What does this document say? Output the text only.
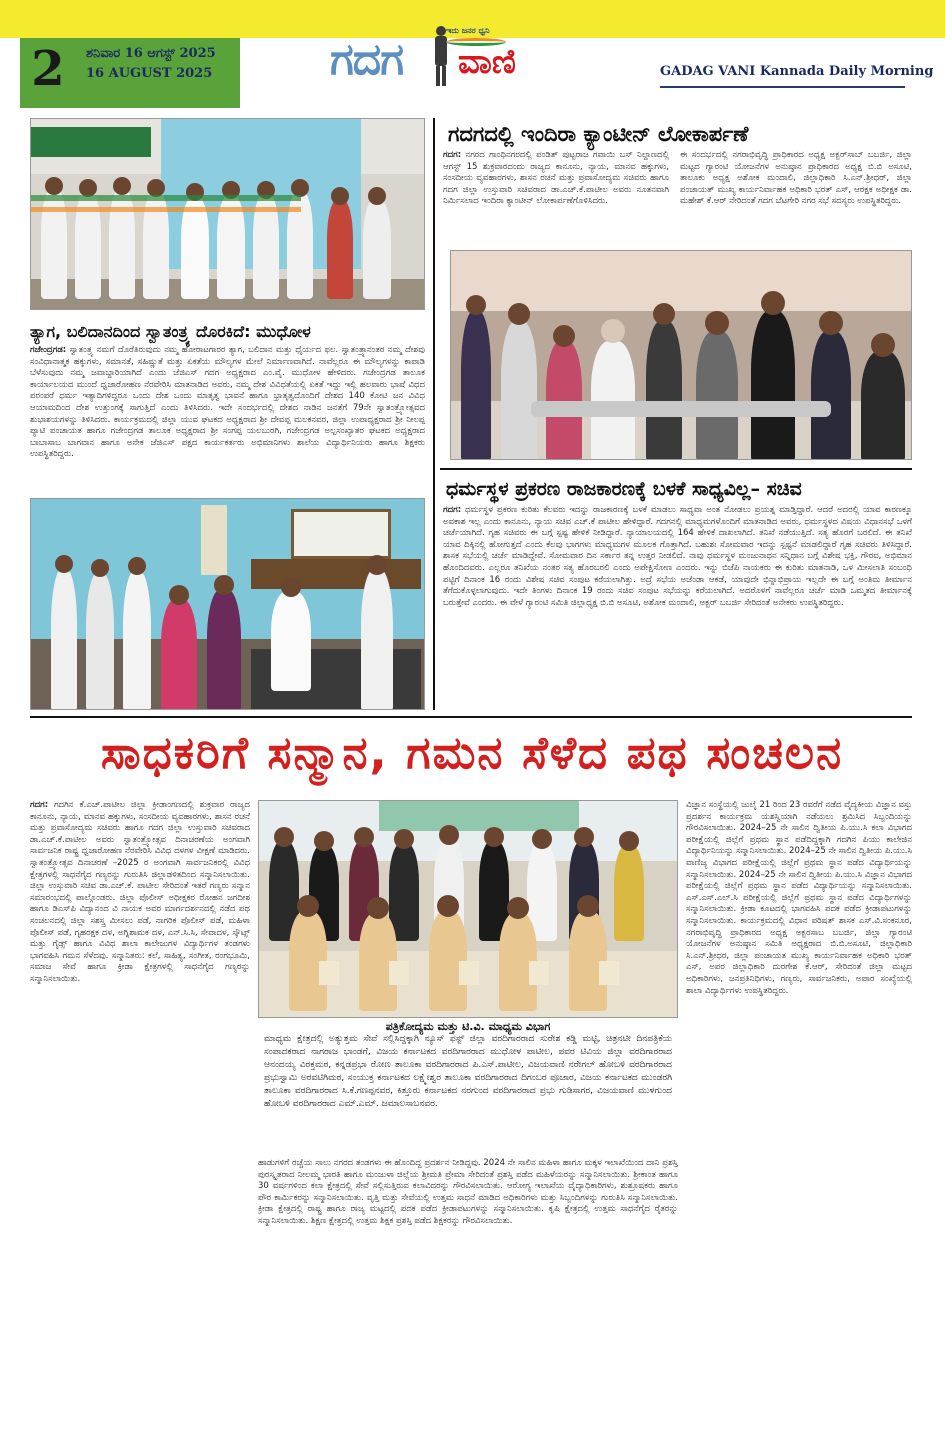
2	ಶನಿವಾರ 16 ಆಗಸ್ಟ್ 2025
16 AUGUST 2025	ಗದಗ
ಇದು ಜನರ ಧ್ವನಿ
ವಾಣಿ	GADAG VANI Kannada Daily Morning
ತ್ಯಾಗ, ಬಲಿದಾನದಿಂದ ಸ್ವಾತಂತ್ರ್ಯ ದೊರಕಿದೆ: ಮುಧೋಳ
ಗಜೇಂದ್ರಗಡ: ಸ್ವಾತಂತ್ರ್ಯ ನಮಗೆ ದೊರೆತಿರುವುದು ನಮ್ಮ ಹೋರಾಟಗಾರರ ತ್ಯಾಗ, ಬಲಿದಾನ ಮತ್ತು ಧೈರ್ಯದ ಫಲ. ಸ್ವಾತಂತ್ರ್ಯಾನಂತರ ನಮ್ಮ ದೇಶವು ಸಂವಿಧಾನಾತ್ಮಕ ಹಕ್ಕುಗಳು, ಸಮಾನತೆ, ಸಹಿಷ್ಣುತೆ ಮತ್ತು ಏಕತೆಯ ಮೌಲ್ಯಗಳ ಮೇಲೆ ನಿರ್ಮಾಣವಾಗಿದೆ. ನಾವೆಲ್ಲರೂ ಈ ಮೌಲ್ಯಗಳನ್ನು ಕಾಪಾಡಿ ಬೆಳೆಸುವುದು ನಮ್ಮ ಜವಾಬ್ದಾರಿಯಾಗಿದೆ ಎಂದು ಜೆಜಿಎಸ್ ಗದಗ ಅಧ್ಯಕ್ಷರಾದ ಎಂ.ವೈ. ಮುಧೋಳ ಹೇಳಿದರು. ಗಜೇಂದ್ರಗಡ ತಾಲೂಕ ಕಾರ್ಯಾಲಯದ ಮುಂದೆ ಧ್ವಜಾರೋಹಣ ನೆರವೇರಿಸಿ ಮಾತನಾಡಿದ ಅವರು, ನಮ್ಮ ದೇಶ ವಿವಿಧತೆಯಲ್ಲಿ ಏಕತೆ ಇದ್ದು ಇಲ್ಲಿ ಹಲವಾರು ಭಾಷೆ ವಿಧದ ಪರಂಪರೆ ಧರ್ಮ ಇತ್ಯಾದಿಗಳಿದ್ದರೂ ಒಂದು ದೇಶ ಒಂದು ಮಾತೃತ್ವ ಭಾವನೆ ಹಾಗೂ ಭ್ರಾತೃತ್ವದೊಂದಿಗೆ ದೇಶದ 140 ಕೋಟಿ ಜನ ವಿವಿಧ ಆಯಾಮದಿಂದ ದೇಶ ಉತ್ತುಂಗಕ್ಕೆ ಸಾಗುತ್ತಿದೆ ಎಂದು ತಿಳಿಸಿದರು. ಇದೇ ಸಂದರ್ಭದಲ್ಲಿ ದೇಶದ ನಾಡಿನ ಜನತೆಗೆ 79ನೇ ಸ್ವಾತಂತ್ರ್ಯೋತ್ಸವದ ಶುಭಾಶಯಗಳನ್ನು ತಿಳಿಸಿದರು. ಕಾರ್ಯಕ್ರಮದಲ್ಲಿ ಜಿಲ್ಲಾ ಯುವ ಘಟಕದ ಅಧ್ಯಕ್ಷರಾದ ಶ್ರೀ ದೇವಪ್ಪ ಮಲಕನವರ, ಜಿಲ್ಲಾ ಉಪಾಧ್ಯಕ್ಷರಾದ ಶ್ರೀ ನೀಲಪ್ಪ ಪ್ಯಾಟಿ ಪಂಚಾಯತ ಹಾಗೂ ಗಜೇಂದ್ರಗಡ ತಾಲೂಕ ಅಧ್ಯಕ್ಷರಾದ ಶ್ರೀ ಸಂಗಪ್ಪ ಯಲಬುರಗಿ, ಗಜೇಂದ್ರಗಡ ಅಲ್ಪಸಂಖ್ಯಾತರ ಘಟಕದ ಅಧ್ಯಕ್ಷರಾದ ಬಾಬಾಸಾಬ ಬಾಗವಾನ ಹಾಗೂ ಅನೇಕ ಜೆಜಿಎಸ್ ಪಕ್ಷದ ಕಾರ್ಯಕರ್ತರು ಅಭಿಮಾನಿಗಳು ಶಾಲೆಯ ವಿದ್ಯಾರ್ಥಿನಿಯರು ಹಾಗೂ ಶಿಕ್ಷಕರು ಉಪಸ್ಥಿತರಿದ್ದರು.
ಗದಗದಲ್ಲಿ ಇಂದಿರಾ ಕ್ಯಾಂಟೀನ್ ಲೋಕಾರ್ಪಣೆ
ಗದಗ: ನಗರದ ಗಾಂಧಿನಗರದಲ್ಲಿ ಪಂಡಿತ್ ಪುಟ್ಟರಾಜ ಗವಾಯಿ ಬಸ್ ನಿಲ್ದಾಣದಲ್ಲಿ ಆಗಸ್ಟ್ 15 ಶುಕ್ರವಾರದಂದು ರಾಜ್ಯದ ಕಾನೂನು, ನ್ಯಾಯ, ಮಾನವ ಹಕ್ಕುಗಳು, ಸಂಸದೀಯ ವ್ಯವಹಾರಗಳು, ಶಾಸನ ರಚನೆ ಮತ್ತು ಪ್ರವಾಸೋದ್ಯಮ ಸಚಿವರು ಹಾಗೂ ಗದಗ ಜಿಲ್ಲಾ ಉಸ್ತುವಾರಿ ಸಚಿವರಾದ ಡಾ.ಎಚ್.ಕೆ.ಪಾಟೀಲ ಅವರು ನೂತನವಾಗಿ ನಿರ್ಮಿಸಲಾದ ಇಂದಿರಾ ಕ್ಯಾಂಟೀನ್ ಲೋಕಾರ್ಪಣೆಗೊಳಿಸಿದರು.
ಈ ಸಂದರ್ಭದಲ್ಲಿ ನಗರಾಭಿವೃದ್ಧಿ ಪ್ರಾಧಿಕಾರದ ಅಧ್ಯಕ್ಷ ಅಕ್ಬರ್‌ಸಾಬ್ ಬಬರ್ಜಿ, ಜಿಲ್ಲಾ ಮಟ್ಟದ ಗ್ಯಾರಂಟಿ ಯೋಜನೆಗಳ ಅನುಷ್ಠಾನ ಪ್ರಾಧಿಕಾರದ ಅಧ್ಯಕ್ಷ ಬಿ.ಬಿ ಅಸೂಟಿ, ತಾಲೂಕು ಅಧ್ಯಕ್ಷ ಅಶೋಕ ಮಂದಾಲಿ, ಜಿಲ್ಲಾಧಿಕಾರಿ ಸಿ.ಎನ್.ಶ್ರೀಧರ್, ಜಿಲ್ಲಾ ಪಂಚಾಯತ್ ಮುಖ್ಯ ಕಾರ್ಯನಿರ್ವಾಹಕ ಅಧಿಕಾರಿ ಭರತ್ ಎಸ್, ಆರಕ್ಷಕ ಅಧೀಕ್ಷಕ ಡಾ. ಮಹೇಶ್ ಕೆ.ಆರ್ ನೇರಿದಂತೆ ಗದಗ ಬೆಟಗೇರಿ ನಗರ ಸಭೆ ಸದಸ್ಯರು ಉಪಸ್ಥಿತರಿದ್ದರು.
ಧರ್ಮಸ್ಥಳ ಪ್ರಕರಣ ರಾಜಕಾರಣಕ್ಕೆ ಬಳಕೆ ಸಾಧ್ಯವಿಲ್ಲ– ಸಚಿವ
ಗದಗ: ಧರ್ಮಸ್ಥಳ ಪ್ರಕರಣ ಕುರಿತು ಕೆಲವರು ಇದನ್ನು ರಾಜಕಾರಣಕ್ಕೆ ಬಳಕೆ ಮಾಡಲು ಸಾಧ್ಯವಾ ಅಂತ ನೋಡಲು ಪ್ರಯತ್ನ ಮಾಡ್ತಿದ್ದಾರೆ. ಆದರೆ ಅದರಲ್ಲಿ ಯಾವ ಕಾರಣಕ್ಕೂ ಅವಕಾಶ ಇಲ್ಲ ಎಂದು ಕಾನೂನು, ನ್ಯಾಯ ಸಚಿವ ಎಚ್.ಕೆ ಪಾಟೀಲ ಹೇಳಿದ್ದಾರೆ. ಗದಗನಲ್ಲಿ ಮಾಧ್ಯಮಗಳೊಂದಿಗೆ ಮಾತನಾಡಿದ ಅವರು, ಧರ್ಮಸ್ಥಳದ ವಿಷಯ ವಿಧಾನಸಭೆ ಒಳಗೆ ಚರ್ಚೆಯಾಗಿದೆ. ಗೃಹ ಸಚಿವರು ಈ ಬಗ್ಗೆ ಸ್ಪಷ್ಟ ಹೇಳಿಕೆ ನೀಡಿದ್ದಾರೆ. ನ್ಯಾಯಾಲಯದಲ್ಲಿ 164 ಹೇಳಿಕೆ ದಾಖಲಾಗಿದೆ. ತನಿಖೆ ನಡೆಯುತ್ತಿದೆ. ಸತ್ಯ ಹೊರಗೆ ಬರಲಿದೆ. ಈ ತನಿಖೆ ಯಾವ ದಿಕ್ಕಿನಲ್ಲಿ ಹೋಗುತ್ತದೆ ಎಂದು ಕೆಲವು ಭಾಗಗಳು ಮಾಧ್ಯಮಗಳ ಮೂಲಕ ಗೊತ್ತಾಗಿದೆ. ಬಹುಶಃ ಸೋಮವಾರ ಇದನ್ನು ಸ್ಪಷ್ಟನೆ ಮಾಡಲಿದ್ದಾರೆ ಗೃಹ ಸಚಿವರು ತಿಳಿಸಿದ್ದಾರೆ. ಶಾಸಕ ಸಭೆಯಲ್ಲಿ ಚರ್ಚೆ ಮಾಡಿದ್ದೇವೆ. ಸೋಮವಾರ ದಿನ ಸರ್ಕಾರ ತನ್ನ ಉತ್ತರ ನೀಡಲಿದೆ. ನಾವು ಧರ್ಮಸ್ಥಳ ಮಂಜುನಾಥನ ಸನ್ನಿಧಾನ ಬಗ್ಗೆ ವಿಶೇಷ ಭಕ್ತಿ, ಗೌರವ, ಅಭಿಮಾನ ಹೊಂದಿದವರು. ಎಲ್ಲರೂ ತನಿಖೆಯ ನಂತರ ಸತ್ಯ ಹೊರಬರಲಿ ಎಂದು ಅಪೇಕ್ಷಿಸೋಣ ಎಂದರು. ಇನ್ನು ಬಿಜೆಪಿ ನಾಯಕರು ಈ ಕುರಿತು ಮಾತನಾಡಿ, ಒಳ ಮೀಸಲಾತಿ ಸಂಬಂಧಿ ಪಟ್ಟಿಗೆ ದಿನಾಂಕ 16 ರಂದು ವಿಶೇಷ ಸಚಿವ ಸಂಪುಟ ಕರೆಯಲಾಗಿತ್ತು. ಅದ್ರೆ ಸಭೆಯ ಅಜೆಂಡಾ ಆಕಡೆ, ಯಾವುದೇ ಭಿನ್ನಾಭಿಪ್ರಾಯ ಇಲ್ಲದೇ ಈ ಬಗ್ಗೆ ಅಂತಿಮ ತೀರ್ಮಾನ ತೆಗೆದುಕೊಳ್ಳಲಾಗುವುದು. ಇದೇ ತಿಂಗಳು ದಿನಾಂಕ 19 ರಂದು ಸಚಿವ ಸಂಪುಟ ಸಭೆಯನ್ನು ಕರೆಯಲಾಗಿದೆ. ಅದರೊಳಗೆ ನಾವೆಲ್ಲರೂ ಚರ್ಚೆ ಮಾಡಿ ಒಮ್ಮತದ ತೀರ್ಮಾನಕ್ಕೆ ಬರುತ್ತೇವೆ ಎಂದರು. ಈ ವೇಳೆ ಗ್ಯಾರಂಟಿ ಸಮಿತಿ ಜಿಲ್ಲಾಧ್ಯಕ್ಷ ಬಿ.ಬಿ ಅಸೂಟಿ, ಅಶೋಕ ಮಂದಾಲಿ, ಅಕ್ಬರ್ ಬಬರ್ಜಿ ಸೇರಿದಂತೆ ಅನೇಕರು ಉಪಸ್ಥಿತರಿದ್ದರು.
ಸಾಧಕರಿಗೆ ಸನ್ಮಾನ, ಗಮನ ಸೆಳೆದ ಪಥ ಸಂಚಲನ
ಗದಗ: ಗದಗಿನ ಕೆ.ಎಚ್.ಪಾಟೀಲ ಜಿಲ್ಲಾ ಕ್ರೀಡಾಂಗಣದಲ್ಲಿ ಶುಕ್ರವಾರ ರಾಜ್ಯದ ಕಾನೂನು, ನ್ಯಾಯ, ಮಾನವ ಹಕ್ಕುಗಳು, ಸಂಸದೀಯ ವ್ಯವಹಾರಗಳು, ಶಾಸನ ರಚನೆ ಮತ್ತು ಪ್ರವಾಸೋದ್ಯಮ ಸಚಿವರು ಹಾಗೂ ಗದಗ ಜಿಲ್ಲಾ ಉಸ್ತುವಾರಿ ಸಚಿವರಾದ ಡಾ.ಎಚ್.ಕೆ.ಪಾಟೀಲ ಅವರು ಸ್ವಾತಂತ್ರ್ಯೋತ್ಸವ ದಿನಾಚರಣೆಯ ಅಂಗವಾಗಿ ಸಾರ್ವಜನಿಕ ರಾಷ್ಟ್ರ ಧ್ವಜಾರೋಹಣ ನೆರವೇರಿಸಿ ವಿವಿಧ ದಳಗಳ ವೀಕ್ಷಣೆ ಮಾಡಿದರು. ಸ್ವಾತಂತ್ರ್ಯೋತ್ಸವ ದಿನಾಚರಣೆ –2025 ರ ಅಂಗವಾಗಿ ಸಾರ್ವಜನಿಕರಲ್ಲಿ ವಿವಿಧ ಕ್ಷೇತ್ರಗಳಲ್ಲಿ ಸಾಧನೆಗೈದ ಗಣ್ಯರನ್ನು ಗುರುತಿಸಿ ಜಿಲ್ಲಾಡಳಿತದಿಂದ ಸನ್ಮಾನಿಸಲಾಯಿತು. ಜಿಲ್ಲಾ ಉಸ್ತುವಾರಿ ಸಚಿವ ಡಾ.ಎಚ್.ಕೆ. ಪಾಟೀಲ ಸೇರಿದಂತೆ ಇತರೆ ಗಣ್ಯರು ಸನ್ಮಾನ ಸಮಾರಂಭದಲ್ಲಿ ಪಾಲ್ಗೊಂಡರು. ಜಿಲ್ಲಾ ಪೊಲೀಸ್ ಅಧೀಕ್ಷಕರ ರೋಹನ ಜಗದೀಶ ಹಾಗೂ ಡಿಎಸ್‌ಪಿ ವಿದ್ಯಾನಂದ ವಿ ನಾಯಕ ಅವರ ಮಾರ್ಗದರ್ಶನದಲ್ಲಿ ನಡೆದ ಪಥ ಸಂಚಲನದಲ್ಲಿ ಜಿಲ್ಲಾ ಸಶಸ್ತ್ರ ಮೀಸಲು ಪಡೆ, ನಾಗರಿಕ ಪೊಲೀಸ್ ಪಡೆ, ಮಹಿಳಾ ಪೊಲೀಸ್ ಪಡೆ, ಗೃಹರಕ್ಷಕ ದಳ, ಅಗ್ನಿಶಾಮಕ ದಳ, ಎನ್.ಸಿ.ಸಿ, ಸೇವಾದಳ, ಸ್ಕೌಟ್ಸ್ ಮತ್ತು ಗೈಡ್ಸ್ ಹಾಗೂ ವಿವಿಧ ಶಾಲಾ ಕಾಲೇಜುಗಳ ವಿದ್ಯಾರ್ಥಿಗಳ ತಂಡಗಳು ಭಾಗವಹಿಸಿ ಗಮನ ಸೆಳೆದವು. ಸನ್ಮಾನಿತರು: ಕಲೆ, ಸಾಹಿತ್ಯ, ಸಂಗೀತ, ರಂಗಭೂಮಿ, ಸಮಾಜ ಸೇವೆ ಹಾಗೂ ಕ್ರೀಡಾ ಕ್ಷೇತ್ರಗಳಲ್ಲಿ ಸಾಧನೆಗೈದ ಗಣ್ಯರನ್ನು ಸನ್ಮಾನಿಸಲಾಯಿತು.
ಪತ್ರಿಕೋದ್ಯಮ ಮತ್ತು ಟಿ.ವಿ. ಮಾಧ್ಯಮ ವಿಭಾಗ
ಮಾಧ್ಯಮ ಕ್ಷೇತ್ರದಲ್ಲಿ ಅತ್ಯುತ್ತಮ ಸೇವೆ ಸಲ್ಲಿಸಿದ್ದಕ್ಕಾಗಿ ನ್ಯೂಸ್ ಫಸ್ಟ್ ಜಿಲ್ಲಾ ವರದಿಗಾರರಾದ ಸುರೇಶ ಕಡ್ಡಿ ಮಟ್ಟಿ, ಚಿತ್ರನಟೀ ದಿನಪತ್ರಿಕೆಯ ಸಂಪಾದಕರಾದ ನಾಗರಾಜ ಭಾಂಡಗೆ, ವಿಜಯ ಕರ್ನಾಟಕದ ವರದಿಗಾರರಾದ ಮುಧೋಳ ಪಾಟೀಲ, ಪವರ ಟಿವಿಯ ಜಿಲ್ಲಾ ವರದಿಗಾರರಾದ ಆನಂದಯ್ಯ ವಿರಕ್ತಮಠ, ಕನ್ನಡಪ್ರಭಾ ರೋಣ ತಾಲೂಕಾ ವರದಿಗಾರರಾದ ಪಿ.ಎಸ್.ಪಾಟೀಲ, ವಿಜಯವಾಣಿ ನರೇಗಲ್ ಹೋಬಳಿ ವರದಿಗಾರರಾದ ಪ್ರಭುಸ್ವಾಮಿ ಅರವಟಿಗಿಮಠ, ಸಂಯುಕ್ತ ಕರ್ನಾಟಕದ ಲಕ್ಷ್ಮೇಶ್ವರ ತಾಲೂಕಾ ವರದಿಗಾರರಾದ ದಿಗಂಬರ ಪೂಜಾರ, ವಿಜಯ ಕರ್ನಾಟಕದ ಮುಂಡರಗಿ ತಾಲೂಕಾ ವರದಿಗಾರರಾದ ಸಿ.ಕೆ.ಗಣಪ್ಪನವರ, ಕಿತ್ತೂರು ಕರ್ನಾಟಕದ ನರಗುಂದ ವರದಿಗಾರರಾದ ಪ್ರಭು ಗುಡಿಸಾಗರ, ವಿಜಯವಾಣಿ ಮುಳಗುಂದ ಹೋಬಳಿ ವರದಿಗಾರರಾದ ಎಮ್.ಎಮ್. ಜಮಾಲಸಾಬನವರ.
ಹಾಡುಗಳಿಗೆ ರಚ್ಚೆಯ ಸಾಲು ನಗರದ ತಂಡಗಳು ಈ ಹೊಂದಿದ್ದ ಪ್ರದರ್ಶನ ನೀಡಿದ್ದವು. 2024 ನೇ ಸಾಲಿನ ಮಹಿಳಾ ಹಾಗೂ ಮಕ್ಕಳ ಇಲಾಖೆಯಿಂದ ದಾನಿ ಪ್ರಶಸ್ತಿ ಪುರಸ್ಕೃತರಾದ ನೀಲಮ್ಮ ಭಾರತಿ ಹಾಗೂ ಮಂಜುಳಾ ಜಿಲ್ಲೆಯ ಶ್ರೀಮತಿ ಪ್ರೇಮಾ ಸೇರಿದಂತೆ ಪ್ರಶಸ್ತಿ ಪಡೆದ ಮಹಿಳೆಯರನ್ನು ಸನ್ಮಾನಿಸಲಾಯಿತು. ಶ್ರೀಕಾಂತ ಹಾಗೂ 30 ವರ್ಷಗಳಿಂದ ಕಲಾ ಕ್ಷೇತ್ರದಲ್ಲಿ ಸೇವೆ ಸಲ್ಲಿಸುತ್ತಿರುವ ಕಲಾವಿದರನ್ನು ಗೌರವಿಸಲಾಯಿತು. ಆರೋಗ್ಯ ಇಲಾಖೆಯ ವೈದ್ಯಾಧಿಕಾರಿಗಳು, ಶುಶ್ರೂಷಕರು ಹಾಗೂ ಪೌರ ಕಾರ್ಮಿಕರನ್ನು ಸನ್ಮಾನಿಸಲಾಯಿತು. ವೃತ್ತಿ ಮತ್ತು ಸೇವೆಯಲ್ಲಿ ಉತ್ತಮ ಸಾಧನೆ ಮಾಡಿದ ಅಧಿಕಾರಿಗಳು ಮತ್ತು ಸಿಬ್ಬಂದಿಗಳನ್ನು ಗುರುತಿಸಿ ಸನ್ಮಾನಿಸಲಾಯಿತು. ಕ್ರೀಡಾ ಕ್ಷೇತ್ರದಲ್ಲಿ ರಾಷ್ಟ್ರ ಹಾಗೂ ರಾಜ್ಯ ಮಟ್ಟದಲ್ಲಿ ಪದಕ ಪಡೆದ ಕ್ರೀಡಾಪಟುಗಳನ್ನು ಸನ್ಮಾನಿಸಲಾಯಿತು. ಕೃಷಿ ಕ್ಷೇತ್ರದಲ್ಲಿ ಉತ್ತಮ ಸಾಧನೆಗೈದ ರೈತರನ್ನು ಸನ್ಮಾನಿಸಲಾಯಿತು. ಶಿಕ್ಷಣ ಕ್ಷೇತ್ರದಲ್ಲಿ ಉತ್ತಮ ಶಿಕ್ಷಕ ಪ್ರಶಸ್ತಿ ಪಡೆದ ಶಿಕ್ಷಕರನ್ನು ಗೌರವಿಸಲಾಯಿತು.
ವಿಜ್ಞಾನ ಸಂಸ್ಥೆಯಲ್ಲಿ ಜುಲೈ 21 ರಿಂದ 23 ರವರೆಗೆ ನಡೆದ ವೈದ್ಯಕೀಯ ವಿಜ್ಞಾನ ವಸ್ತು ಪ್ರದರ್ಶನ ಕಾರ್ಯಕ್ರಮ ಯಶಸ್ವಿಯಾಗಿ ನಡೆಯಲು ಶ್ರಮಿಸಿದ ಸಿಬ್ಬಂದಿಯನ್ನು ಗೌರವಿಸಲಾಯಿತು. 2024–25 ನೇ ಸಾಲಿನ ದ್ವಿತೀಯ ಪಿ.ಯು.ಸಿ ಕಲಾ ವಿಭಾಗದ ಪರೀಕ್ಷೆಯಲ್ಲಿ ಜಿಲ್ಲೆಗೆ ಪ್ರಥಮ ಸ್ಥಾನ ಪಡೆದಿದ್ದಕ್ಕಾಗಿ ಗದಗಿನ ಪಿಯು ಕಾಲೇಜಿನ ವಿದ್ಯಾರ್ಥಿನಿಯನ್ನು ಸನ್ಮಾನಿಸಲಾಯಿತು. 2024–25 ನೇ ಸಾಲಿನ ದ್ವಿತೀಯ ಪಿ.ಯು.ಸಿ ವಾಣಿಜ್ಯ ವಿಭಾಗದ ಪರೀಕ್ಷೆಯಲ್ಲಿ ಜಿಲ್ಲೆಗೆ ಪ್ರಥಮ ಸ್ಥಾನ ಪಡೆದ ವಿದ್ಯಾರ್ಥಿಯನ್ನು ಸನ್ಮಾನಿಸಲಾಯಿತು. 2024–25 ನೇ ಸಾಲಿನ ದ್ವಿತೀಯ ಪಿ.ಯು.ಸಿ ವಿಜ್ಞಾನ ವಿಭಾಗದ ಪರೀಕ್ಷೆಯಲ್ಲಿ ಜಿಲ್ಲೆಗೆ ಪ್ರಥಮ ಸ್ಥಾನ ಪಡೆದ ವಿದ್ಯಾರ್ಥಿಯನ್ನು ಸನ್ಮಾನಿಸಲಾಯಿತು. ಎಸ್.ಎಸ್.ಎಲ್.ಸಿ ಪರೀಕ್ಷೆಯಲ್ಲಿ ಜಿಲ್ಲೆಗೆ ಪ್ರಥಮ ಸ್ಥಾನ ಪಡೆದ ವಿದ್ಯಾರ್ಥಿಗಳನ್ನು ಸನ್ಮಾನಿಸಲಾಯಿತು. ಕ್ರೀಡಾ ಕೂಟದಲ್ಲಿ ಭಾಗವಹಿಸಿ ಪದಕ ಪಡೆದ ಕ್ರೀಡಾಪಟುಗಳನ್ನು ಸನ್ಮಾನಿಸಲಾಯಿತು. ಕಾರ್ಯಕ್ರಮದಲ್ಲಿ ವಿಧಾನ ಪರಿಷತ್ ಶಾಸಕ ಎಸ್.ವಿ.ಸಂಕನೂರ, ನಗರಾಭಿವೃದ್ಧಿ ಪ್ರಾಧಿಕಾರದ ಅಧ್ಯಕ್ಷ ಅಕ್ಬರಸಾಬ ಬಬರ್ಜಿ, ಜಿಲ್ಲಾ ಗ್ಯಾರಂಟಿ ಯೋಜನೆಗಳ ಅನುಷ್ಠಾನ ಸಮಿತಿ ಅಧ್ಯಕ್ಷರಾದ ಬಿ.ಬಿ.ಅಸೂಟಿ, ಜಿಲ್ಲಾಧಿಕಾರಿ ಸಿ.ಎನ್.ಶ್ರೀಧರ, ಜಿಲ್ಲಾ ಪಂಚಾಯತ ಮುಖ್ಯ ಕಾರ್ಯನಿರ್ವಾಹಕ ಅಧಿಕಾರಿ ಭರತ್ ಎಸ್, ಅಪರ ಜಿಲ್ಲಾಧಿಕಾರಿ ದುರಗೇಶ ಕೆ.ಆರ್, ಸೇರಿದಂತೆ ಜಿಲ್ಲಾ ಮಟ್ಟದ ಅಧಿಕಾರಿಗಳು, ಜನಪ್ರತಿನಿಧಿಗಳು, ಗಣ್ಯರು, ಸಾರ್ವಜನಿಕರು, ಅಪಾರ ಸಂಖ್ಯೆಯಲ್ಲಿ ಶಾಲಾ ವಿದ್ಯಾರ್ಥಿಗಳು ಉಪಸ್ಥಿತರಿದ್ದರು.
